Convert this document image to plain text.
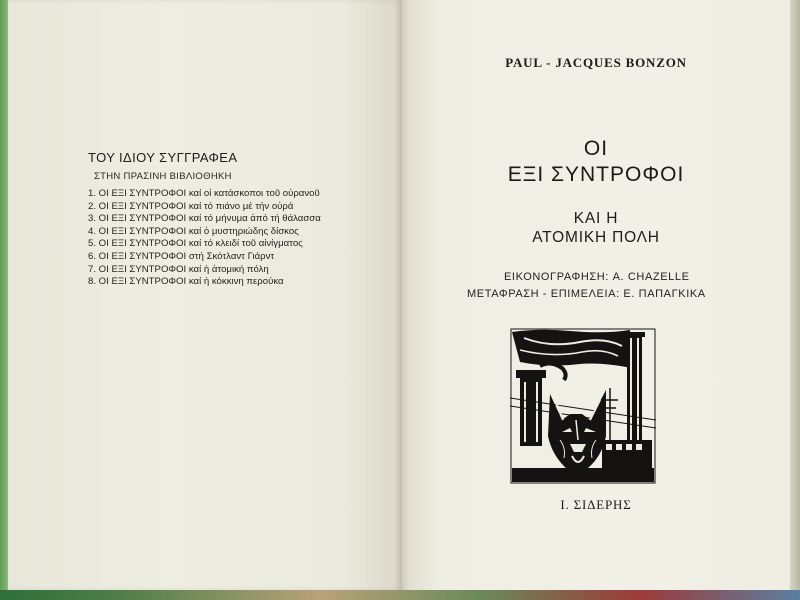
ΤΟΥ ΙΔΙΟΥ ΣΥΓΓΡΑΦΕΑ
ΣΤΗΝ ΠΡΑΣΙΝΗ ΒΙΒΛΙΟΘΗΚΗ
1. ΟΙ ΕΞΙ ΣΥΝΤΡΟΦΟΙ καί οἱ κατάσκοποι τοῦ οὐρανοῦ
2. ΟΙ ΕΞΙ ΣΥΝΤΡΟΦΟΙ καί τό πιάνο μέ τήν οὐρά
3. ΟΙ ΕΞΙ ΣΥΝΤΡΟΦΟΙ καί τό μήνυμα ἀπό τή θάλασσα
4. ΟΙ ΕΞΙ ΣΥΝΤΡΟΦΟΙ καί ὁ μυστηριώδης δίσκος
5. ΟΙ ΕΞΙ ΣΥΝΤΡΟΦΟΙ καί τό κλειδί τοῦ αἰνίγματος
6. ΟΙ ΕΞΙ ΣΥΝΤΡΟΦΟΙ στή Σκότλαντ Γιάρντ
7. ΟΙ ΕΞΙ ΣΥΝΤΡΟΦΟΙ καί ἡ ἀτομική πόλη
8. ΟΙ ΕΞΙ ΣΥΝΤΡΟΦΟΙ καί ἡ κόκκινη περούκα
PAUL - JACQUES BONZON
ΟΙ
ΕΞΙ ΣΥΝΤΡΟΦΟΙ
ΚΑΙ Η
ΑΤΟΜΙΚΗ ΠΟΛΗ
ΕΙΚΟΝΟΓΡΑΦΗΣΗ: A. CHAZELLE
ΜΕΤΑΦΡΑΣΗ - ΕΠΙΜΕΛΕΙΑ: Ε. ΠΑΠΑΓΚΙΚΑ
Ι. ΣΙΔΕΡΗΣ
